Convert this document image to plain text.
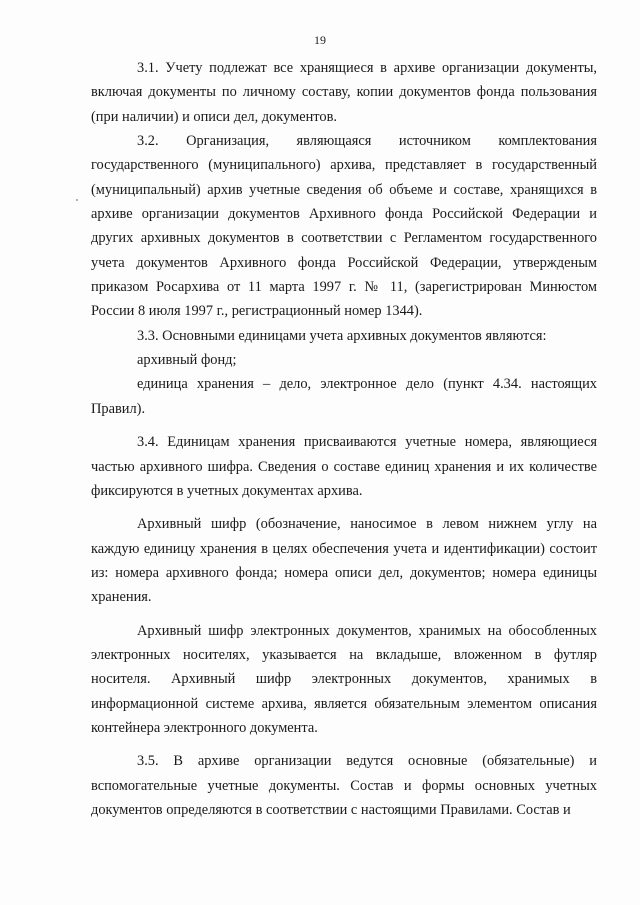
19

3.1. Учету подлежат все хранящиеся в архиве организации документы, включая документы по личному составу, копии документов фонда пользования (при наличии) и описи дел, документов.

3.2. Организация, являющаяся источником комплектования государственного (муниципального) архива, представляет в государственный (муниципальный) архив учетные сведения об объеме и составе, хранящихся в архиве организации документов Архивного фонда Российской Федерации и других архивных документов в соответствии с Регламентом государственного учета документов Архивного фонда Российской Федерации, утвержденым приказом Росархива от 11 марта 1997 г. № 11, (зарегистрирован Минюстом России 8 июля 1997 г., регистрационный номер 1344).

3.3. Основными единицами учета архивных документов являются:

архивный фонд;

единица хранения – дело, электронное дело (пункт 4.34. настоящих Правил).

3.4. Единицам хранения присваиваются учетные номера, являющиеся частью архивного шифра. Сведения о составе единиц хранения и их количестве фиксируются в учетных документах архива.

Архивный шифр (обозначение, наносимое в левом нижнем углу на каждую единицу хранения в целях обеспечения учета и идентификации) состоит из: номера архивного фонда; номера описи дел, документов; номера единицы хранения.

Архивный шифр электронных документов, хранимых на обособленных электронных носителях, указывается на вкладыше, вложенном в футляр носителя. Архивный шифр электронных документов, хранимых в информационной системе архива, является обязательным элементом описания контейнера электронного документа.

3.5. В архиве организации ведутся основные (обязательные) и вспомогательные учетные документы. Состав и формы основных учетных документов определяются в соответствии с настоящими Правилами. Состав и
